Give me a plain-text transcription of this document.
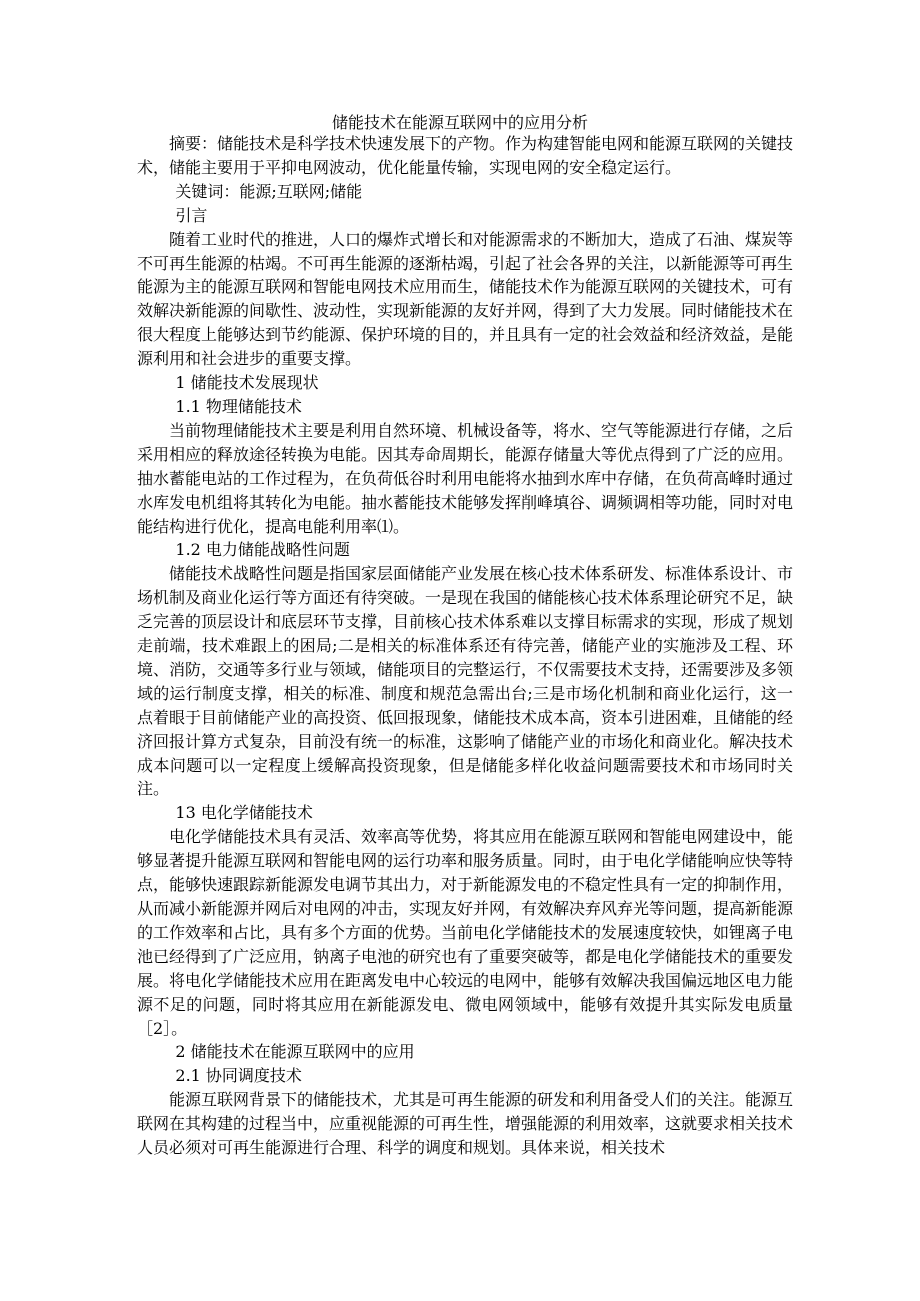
储能技术在能源互联网中的应用分析

摘要：储能技术是科学技术快速发展下的产物。作为构建智能电网和能源互联网的关键技术，储能主要用于平抑电网波动，优化能量传输，实现电网的安全稳定运行。

关键词：能源;互联网;储能

引言

随着工业时代的推进，人口的爆炸式增长和对能源需求的不断加大，造成了石油、煤炭等不可再生能源的枯竭。不可再生能源的逐渐枯竭，引起了社会各界的关注，以新能源等可再生能源为主的能源互联网和智能电网技术应用而生，储能技术作为能源互联网的关键技术，可有效解决新能源的间歇性、波动性，实现新能源的友好并网，得到了大力发展。同时储能技术在很大程度上能够达到节约能源、保护环境的目的，并且具有一定的社会效益和经济效益，是能源利用和社会进步的重要支撑。

1 储能技术发展现状
1.1 物理储能技术

当前物理储能技术主要是利用自然环境、机械设备等，将水、空气等能源进行存储，之后采用相应的释放途径转换为电能。因其寿命周期长，能源存储量大等优点得到了广泛的应用。抽水蓄能电站的工作过程为，在负荷低谷时利用电能将水抽到水库中存储，在负荷高峰时通过水库发电机组将其转化为电能。抽水蓄能技术能够发挥削峰填谷、调频调相等功能，同时对电能结构进行优化，提高电能利用率⑴。

1.2 电力储能战略性问题

储能技术战略性问题是指国家层面储能产业发展在核心技术体系研发、标准体系设计、市场机制及商业化运行等方面还有待突破。一是现在我国的储能核心技术体系理论研究不足，缺乏完善的顶层设计和底层环节支撑，目前核心技术体系难以支撑目标需求的实现，形成了规划走前端，技术难跟上的困局;二是相关的标准体系还有待完善，储能产业的实施涉及工程、环境、消防，交通等多行业与领域，储能项目的完整运行，不仅需要技术支持，还需要涉及多领域的运行制度支撑，相关的标准、制度和规范急需出台;三是市场化机制和商业化运行，这一点着眼于目前储能产业的高投资、低回报现象，储能技术成本高，资本引进困难，且储能的经济回报计算方式复杂，目前没有统一的标准，这影响了储能产业的市场化和商业化。解决技术成本问题可以一定程度上缓解高投资现象，但是储能多样化收益问题需要技术和市场同时关注。

13 电化学储能技术

电化学储能技术具有灵活、效率高等优势，将其应用在能源互联网和智能电网建设中，能够显著提升能源互联网和智能电网的运行功率和服务质量。同时，由于电化学储能响应快等特点，能够快速跟踪新能源发电调节其出力，对于新能源发电的不稳定性具有一定的抑制作用，从而减小新能源并网后对电网的冲击，实现友好并网，有效解决弃风弃光等问题，提高新能源的工作效率和占比，具有多个方面的优势。当前电化学储能技术的发展速度较快，如锂离子电池已经得到了广泛应用，钠离子电池的研究也有了重要突破等，都是电化学储能技术的重要发展。将电化学储能技术应用在距离发电中心较远的电网中，能够有效解决我国偏远地区电力能源不足的问题，同时将其应用在新能源发电、微电网领域中，能够有效提升其实际发电质量［2］。

2 储能技术在能源互联网中的应用
2.1 协同调度技术

能源互联网背景下的储能技术，尤其是可再生能源的研发和利用备受人们的关注。能源互联网在其构建的过程当中，应重视能源的可再生性，增强能源的利用效率，这就要求相关技术人员必须对可再生能源进行合理、科学的调度和规划。具体来说，相关技术
